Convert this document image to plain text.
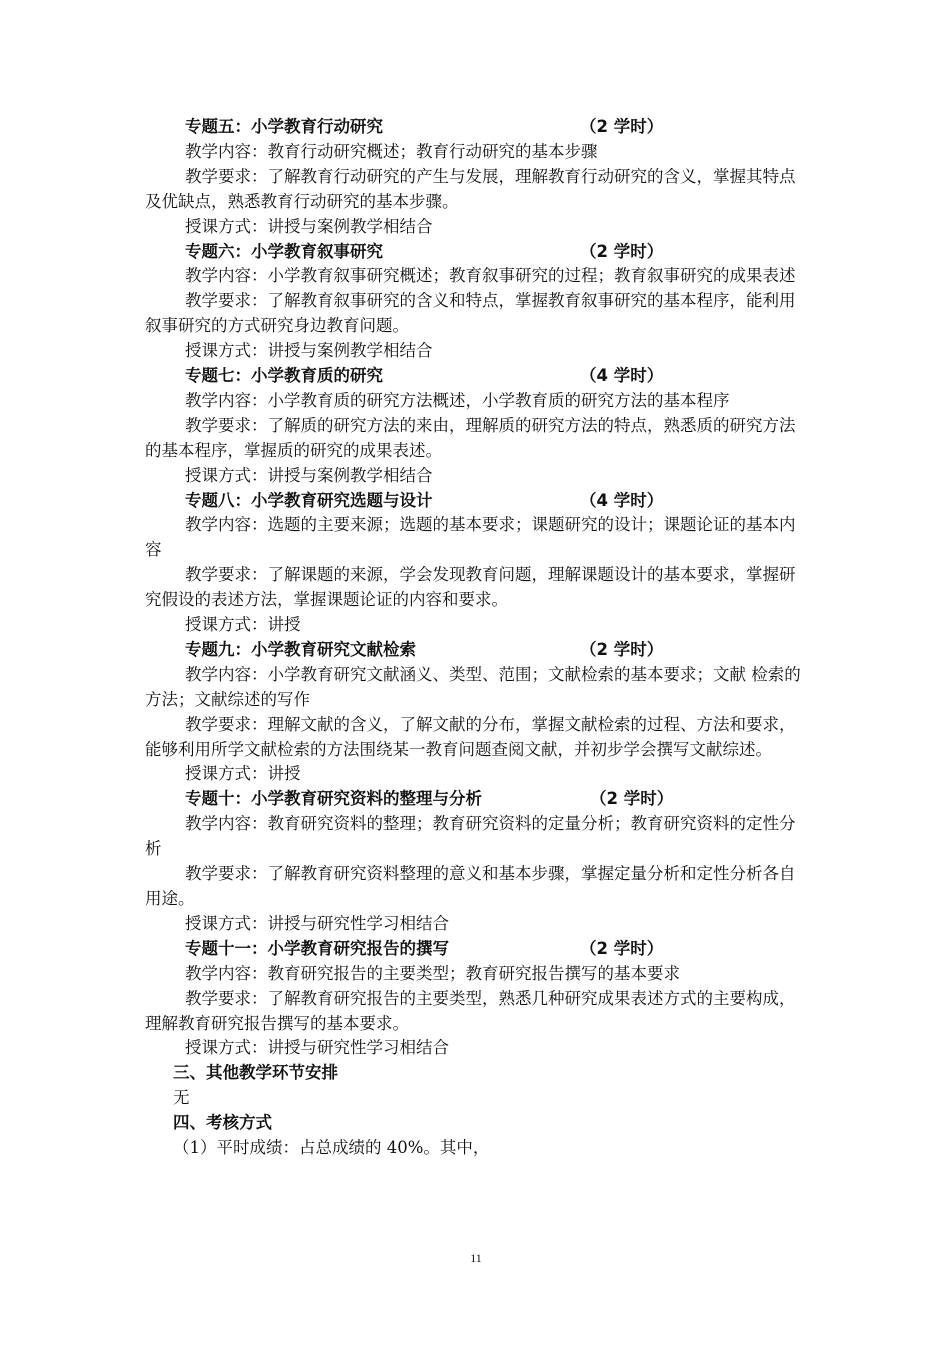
专题五：小学教育行动研究	（2 学时）

教学内容：教育行动研究概述；教育行动研究的基本步骤

教学要求：了解教育行动研究的产生与发展，理解教育行动研究的含义，掌握其特点及优缺点，熟悉教育行动研究的基本步骤。

授课方式：讲授与案例教学相结合

专题六：小学教育叙事研究	（2 学时）

教学内容：小学教育叙事研究概述；教育叙事研究的过程；教育叙事研究的成果表述

教学要求：了解教育叙事研究的含义和特点，掌握教育叙事研究的基本程序，能利用叙事研究的方式研究身边教育问题。

授课方式：讲授与案例教学相结合

专题七：小学教育质的研究	（4 学时）

教学内容：小学教育质的研究方法概述，小学教育质的研究方法的基本程序

教学要求：了解质的研究方法的来由，理解质的研究方法的特点，熟悉质的研究方法的基本程序，掌握质的研究的成果表述。

授课方式：讲授与案例教学相结合

专题八：小学教育研究选题与设计	（4 学时）

教学内容：选题的主要来源；选题的基本要求；课题研究的设计；课题论证的基本内容

教学要求：了解课题的来源，学会发现教育问题，理解课题设计的基本要求，掌握研究假设的表述方法，掌握课题论证的内容和要求。

授课方式：讲授

专题九：小学教育研究文献检索	（2 学时）

教学内容：小学教育研究文献涵义、类型、范围；文献检索的基本要求；文献 检索的方法；文献综述的写作

教学要求：理解文献的含义，了解文献的分布，掌握文献检索的过程、方法和要求，能够利用所学文献检索的方法围绕某一教育问题查阅文献，并初步学会撰写文献综述。

授课方式：讲授

专题十：小学教育研究资料的整理与分析	（2 学时）

教学内容：教育研究资料的整理；教育研究资料的定量分析；教育研究资料的定性分析

教学要求：了解教育研究资料整理的意义和基本步骤，掌握定量分析和定性分析各自用途。

授课方式：讲授与研究性学习相结合

专题十一：小学教育研究报告的撰写	（2 学时）

教学内容：教育研究报告的主要类型；教育研究报告撰写的基本要求

教学要求：了解教育研究报告的主要类型，熟悉几种研究成果表述方式的主要构成，理解教育研究报告撰写的基本要求。

授课方式：讲授与研究性学习相结合

三、其他教学环节安排
无
四、考核方式
（1）平时成绩：占总成绩的 40%。其中，
11
